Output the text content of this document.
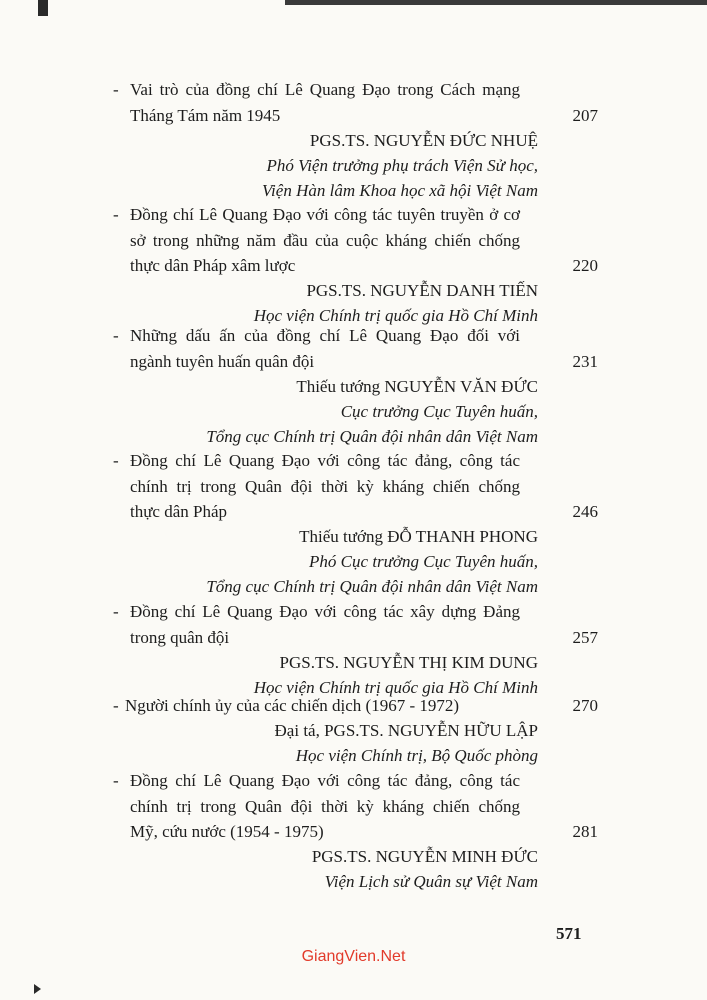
- Vai trò của đồng chí Lê Quang Đạo trong Cách mạng
Tháng Tám năm 1945	207
PGS.TS. NGUYỄN ĐỨC NHUỆ
Phó Viện trưởng phụ trách Viện Sử học,
Viện Hàn lâm Khoa học xã hội Việt Nam
- Đồng chí Lê Quang Đạo với công tác tuyên truyền ở cơ
sở trong những năm đầu của cuộc kháng chiến chống
thực dân Pháp xâm lược	220
PGS.TS. NGUYỄN DANH TIẾN
Học viện Chính trị quốc gia Hồ Chí Minh
- Những dấu ấn của đồng chí Lê Quang Đạo đối với
ngành tuyên huấn quân đội	231
Thiếu tướng NGUYỄN VĂN ĐỨC
Cục trưởng Cục Tuyên huấn,
Tổng cục Chính trị Quân đội nhân dân Việt Nam
- Đồng chí Lê Quang Đạo với công tác đảng, công tác
chính trị trong Quân đội thời kỳ kháng chiến chống
thực dân Pháp	246
Thiếu tướng ĐỖ THANH PHONG
Phó Cục trưởng Cục Tuyên huấn,
Tổng cục Chính trị Quân đội nhân dân Việt Nam
- Đồng chí Lê Quang Đạo với công tác xây dựng Đảng
trong quân đội	257
PGS.TS. NGUYỄN THỊ KIM DUNG
Học viện Chính trị quốc gia Hồ Chí Minh
- Người chính ủy của các chiến dịch (1967 - 1972)	270
Đại tá, PGS.TS. NGUYỄN HỮU LẬP
Học viện Chính trị, Bộ Quốc phòng
- Đồng chí Lê Quang Đạo với công tác đảng, công tác
chính trị trong Quân đội thời kỳ kháng chiến chống
Mỹ, cứu nước (1954 - 1975)	281
PGS.TS. NGUYỄN MINH ĐỨC
Viện Lịch sử Quân sự Việt Nam
571
GiangVien.Net
